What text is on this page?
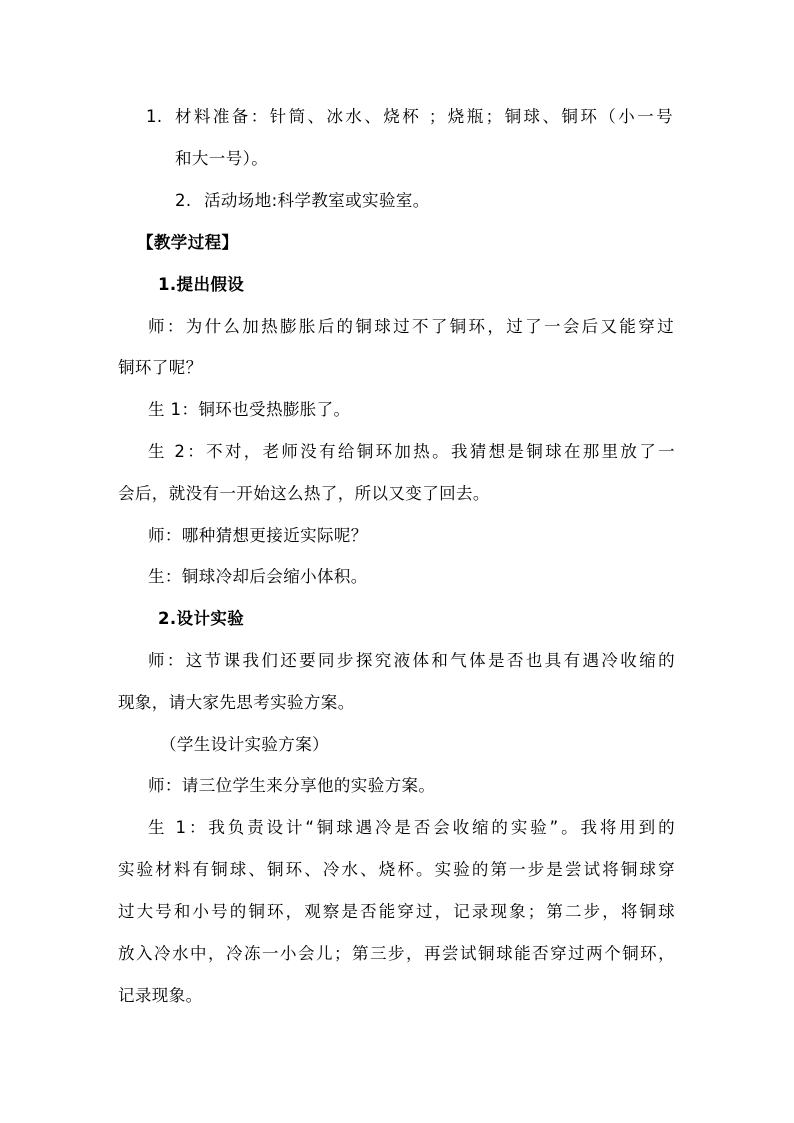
1. 材料准备：针筒、冰水、烧杯 ；烧瓶；铜球、铜环（小一号
和大一号）。
2. 活动场地:科学教室或实验室。
【教学过程】
1.提出假设
师：为什么加热膨胀后的铜球过不了铜环，过了一会后又能穿过
铜环了呢？
生 1：铜环也受热膨胀了。
生 2：不对，老师没有给铜环加热。我猜想是铜球在那里放了一
会后，就没有一开始这么热了，所以又变了回去。
师：哪种猜想更接近实际呢？
生：铜球冷却后会缩小体积。
2.设计实验
师：这节课我们还要同步探究液体和气体是否也具有遇冷收缩的
现象，请大家先思考实验方案。
（学生设计实验方案）
师：请三位学生来分享他的实验方案。
生 1：我负责设计“铜球遇冷是否会收缩的实验”。我将用到的
实验材料有铜球、铜环、冷水、烧杯。实验的第一步是尝试将铜球穿
过大号和小号的铜环，观察是否能穿过，记录现象；第二步，将铜球
放入冷水中，冷冻一小会儿；第三步，再尝试铜球能否穿过两个铜环，
记录现象。
